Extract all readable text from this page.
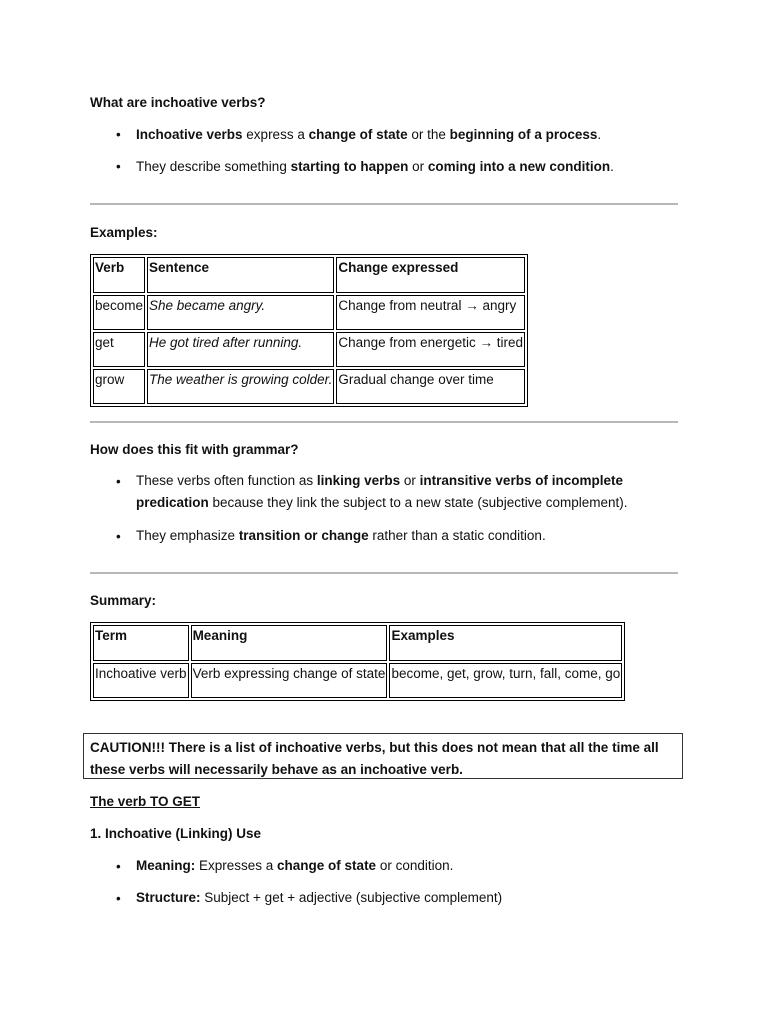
What are inchoative verbs?
• Inchoative verbs express a change of state or the beginning of a process.
• They describe something starting to happen or coming into a new condition.
Examples:
Verb	Sentence	Change expressed
become	She became angry.	Change from neutral → angry
get	He got tired after running.	Change from energetic → tired
grow	The weather is growing colder.	Gradual change over time
How does this fit with grammar?
• These verbs often function as linking verbs or intransitive verbs of incomplete
predication because they link the subject to a new state (subjective complement).
• They emphasize transition or change rather than a static condition.
Summary:
Term	Meaning	Examples
Inchoative verb	Verb expressing change of state	become, get, grow, turn, fall, come, go
CAUTION!!! There is a list of inchoative verbs, but this does not mean that all the time all
these verbs will necessarily behave as an inchoative verb.
The verb TO GET
1. Inchoative (Linking) Use
• Meaning: Expresses a change of state or condition.
• Structure: Subject + get + adjective (subjective complement)
